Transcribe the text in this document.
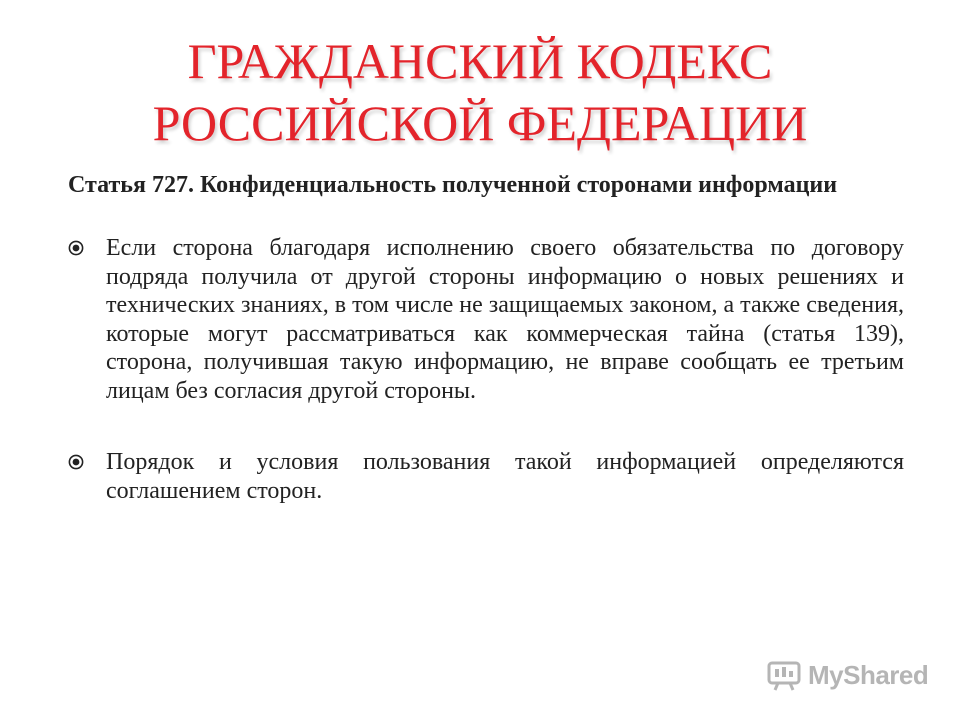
ГРАЖДАНСКИЙ КОДЕКС
РОССИЙСКОЙ ФЕДЕРАЦИИ
Статья 727. Конфиденциальность полученной сторонами информации
Если сторона благодаря исполнению своего обязательства по договору подряда получила от другой стороны информацию о новых решениях и технических знаниях, в том числе не защищаемых законом, а также сведения, которые могут рассматриваться как коммерческая тайна (статья 139), сторона, получившая такую информацию, не вправе сообщать ее третьим лицам без согласия другой стороны.
Порядок и условия пользования такой информацией определяются соглашением сторон.
MyShared
